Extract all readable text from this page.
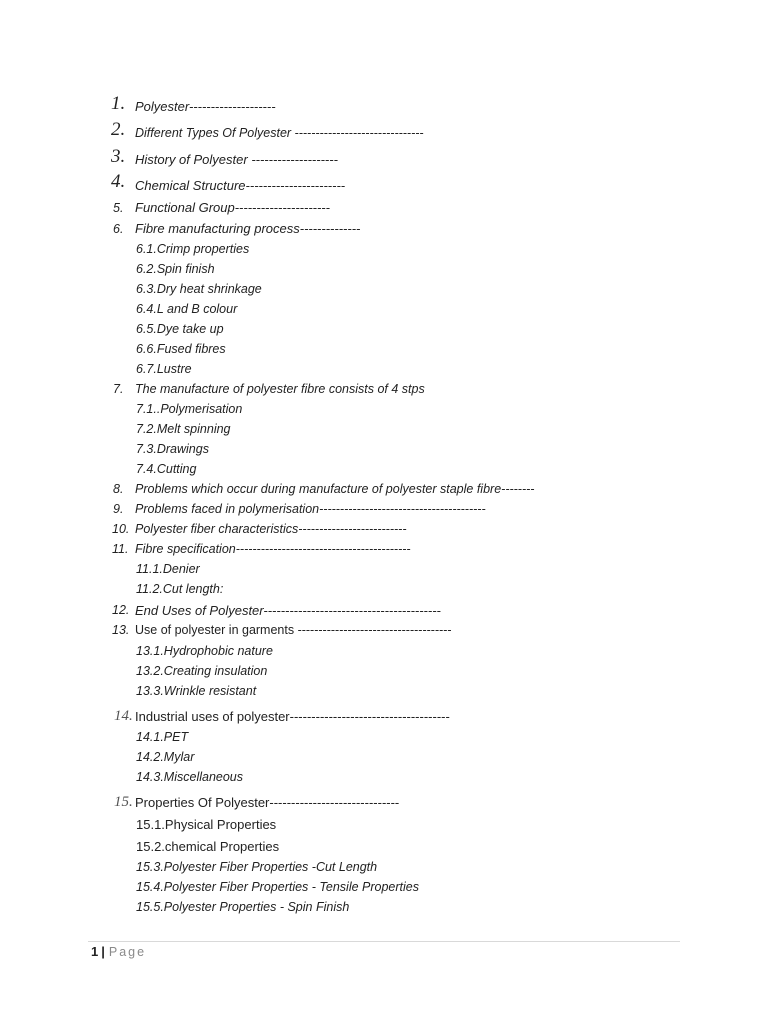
1. Polyester--------------------
2. Different Types Of Polyester -------------------------------
3. History of Polyester --------------------
4. Chemical Structure-----------------------
5. Functional Group----------------------
6. Fibre manufacturing process--------------
6.1.Crimp properties
6.2.Spin finish
6.3.Dry heat shrinkage
6.4.L and B colour
6.5.Dye take up
6.6.Fused fibres
6.7.Lustre
7. The manufacture of polyester fibre consists of 4 stps
7.1..Polymerisation
7.2.Melt spinning
7.3.Drawings
7.4.Cutting
8. Problems which occur during manufacture of polyester staple fibre--------
9. Problems faced in polymerisation----------------------------------------
10. Polyester fiber characteristics--------------------------
11. Fibre specification------------------------------------------
11.1.Denier
11.2.Cut length:
12. End Uses of Polyester-----------------------------------------
13. Use of polyester in garments -------------------------------------
13.1.Hydrophobic nature
13.2.Creating insulation
13.3.Wrinkle resistant
14. Industrial uses of polyester-------------------------------------
14.1.PET
14.2.Mylar
14.3.Miscellaneous
15. Properties Of Polyester------------------------------
15.1.Physical Properties
15.2.chemical Properties
15.3.Polyester Fiber Properties -Cut Length
15.4.Polyester Fiber Properties - Tensile Properties
15.5.Polyester Properties - Spin Finish
1 | Page
